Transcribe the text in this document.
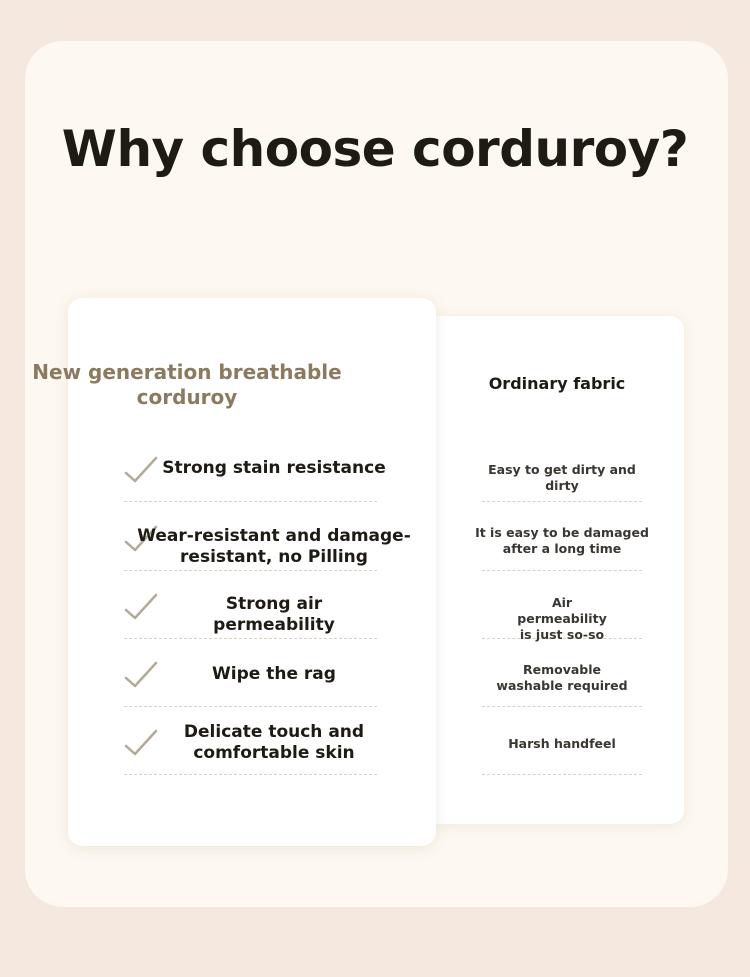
Why choose corduroy?
New generation breathable corduroy
Ordinary fabric
Strong stain resistance
Wear-resistant and damage-resistant, no Pilling
Strong air permeability
Wipe the rag
Delicate touch and comfortable skin
Easy to get dirty and dirty
It is easy to be damaged after a long time
Air permeability is just so-so
Removable washable required
Harsh handfeel
